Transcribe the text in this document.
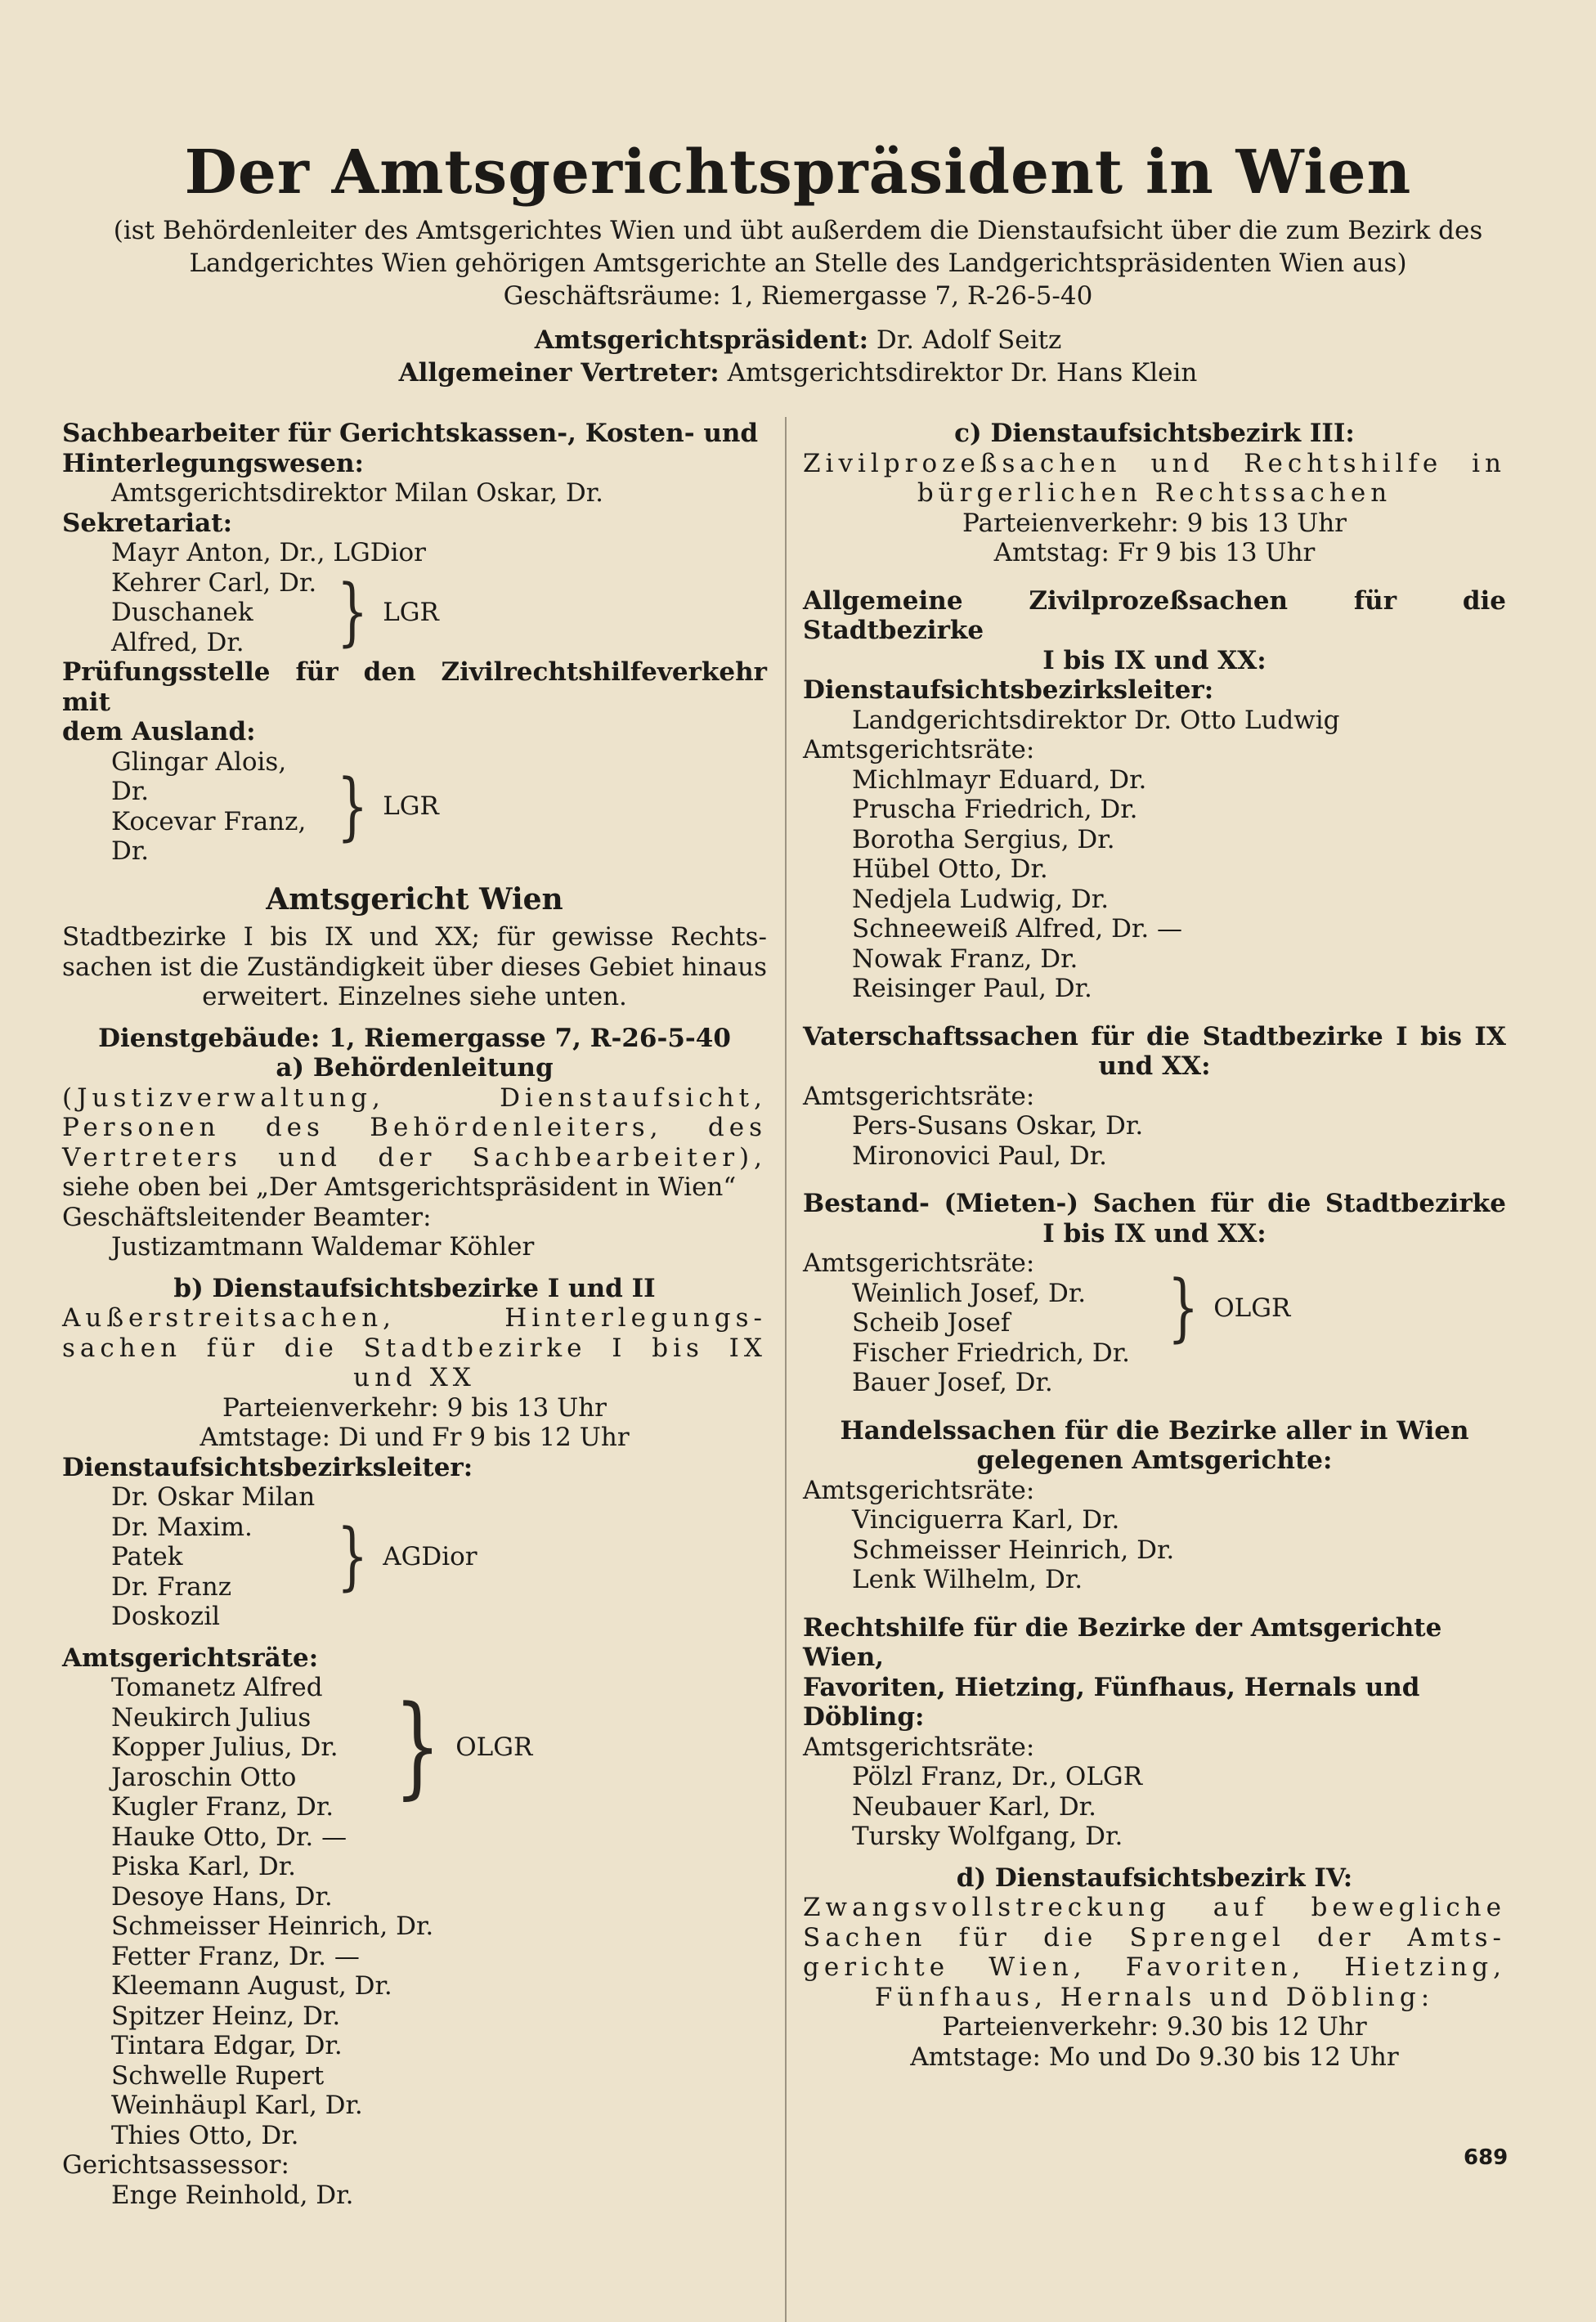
Der Amtsgerichtspräsident in Wien
(ist Behördenleiter des Amtsgerichtes Wien und übt außerdem die Dienstaufsicht über die zum Bezirk des
Landgerichtes Wien gehörigen Amtsgerichte an Stelle des Landgerichtspräsidenten Wien aus)
Geschäftsräume: 1, Riemergasse 7, R-26-5-40
Amtsgerichtspräsident: Dr. Adolf Seitz
Allgemeiner Vertreter: Amtsgerichtsdirektor Dr. Hans Klein
Sachbearbeiter für Gerichtskassen-, Kosten- und
Hinterlegungswesen:
Amtsgerichtsdirektor Milan Oskar, Dr.
Sekretariat:
Mayr Anton, Dr., LGDior
Kehrer Carl, Dr.
Duschanek Alfred, Dr.	} LGR
Prüfungsstelle für den Zivilrechtshilfeverkehr mit
dem Ausland:
Glingar Alois, Dr.
Kocevar Franz, Dr.
} LGR
Amtsgericht Wien
Stadtbezirke I bis IX und XX; für gewisse Rechts-
sachen ist die Zuständigkeit über dieses Gebiet hinaus
erweitert. Einzelnes siehe unten.
Dienstgebäude: 1, Riemergasse 7, R-26-5-40
a) Behördenleitung
(Justizverwaltung, Dienstaufsicht,
Personen des Behördenleiters, des
Vertreters und der Sachbearbeiter),
siehe oben bei „Der Amtsgerichtspräsident in Wien“
Geschäftsleitender Beamter:
Justizamtmann Waldemar Köhler
b) Dienstaufsichtsbezirke I und II
Außerstreitsachen, Hinterlegungs-
sachen für die Stadtbezirke I bis IX
und XX
Parteienverkehr: 9 bis 13 Uhr
Amtstage: Di und Fr 9 bis 12 Uhr
Dienstaufsichtsbezirksleiter:
Dr. Oskar Milan
Dr. Maxim. Patek
Dr. Franz Doskozil
} AGDior
Amtsgerichtsräte:
Tomanetz Alfred
Neukirch Julius
Kopper Julius, Dr.
Jaroschin Otto
Kugler Franz, Dr. } OLGR
Hauke Otto, Dr. —
Piska Karl, Dr.
Desoye Hans, Dr.
Schmeisser Heinrich, Dr.
Fetter Franz, Dr. —
Kleemann August, Dr.
Spitzer Heinz, Dr.
Tintara Edgar, Dr.
Schwelle Rupert
Weinhäupl Karl, Dr.
Thies Otto, Dr.
Gerichtsassessor:
Enge Reinhold, Dr.
c) Dienstaufsichtsbezirk III:
Zivilprozeßsachen und Rechtshilfe in
bürgerlichen Rechtssachen
Parteienverkehr: 9 bis 13 Uhr
Amtstag: Fr 9 bis 13 Uhr
Allgemeine Zivilprozeßsachen für die Stadtbezirke
I bis IX und XX:
Dienstaufsichtsbezirksleiter:
Landgerichtsdirektor Dr. Otto Ludwig
Amtsgerichtsräte:
Michlmayr Eduard, Dr.
Pruscha Friedrich, Dr.
Borotha Sergius, Dr.
Hübel Otto, Dr.
Nedjela Ludwig, Dr.
Schneeweiß Alfred, Dr. —
Nowak Franz, Dr.
Reisinger Paul, Dr.
Vaterschaftssachen für die Stadtbezirke I bis IX
und XX:
Amtsgerichtsräte:
Pers-Susans Oskar, Dr.
Mironovici Paul, Dr.
Bestand- (Mieten-) Sachen für die Stadtbezirke
I bis IX und XX:
Amtsgerichtsräte:
Weinlich Josef, Dr.
Scheib Josef	} OLGR
Fischer Friedrich, Dr.
Bauer Josef, Dr.
Handelssachen für die Bezirke aller in Wien
gelegenen Amtsgerichte:
Amtsgerichtsräte:
Vinciguerra Karl, Dr.
Schmeisser Heinrich, Dr.
Lenk Wilhelm, Dr.
Rechtshilfe für die Bezirke der Amtsgerichte Wien,
Favoriten, Hietzing, Fünfhaus, Hernals und Döbling:
Amtsgerichtsräte:
Pölzl Franz, Dr., OLGR
Neubauer Karl, Dr.
Tursky Wolfgang, Dr.
d) Dienstaufsichtsbezirk IV:
Zwangsvollstreckung auf bewegliche
Sachen für die Sprengel der Amts-
gerichte Wien, Favoriten, Hietzing,
Fünfhaus, Hernals und Döbling:
Parteienverkehr: 9.30 bis 12 Uhr
Amtstage: Mo und Do 9.30 bis 12 Uhr
689
